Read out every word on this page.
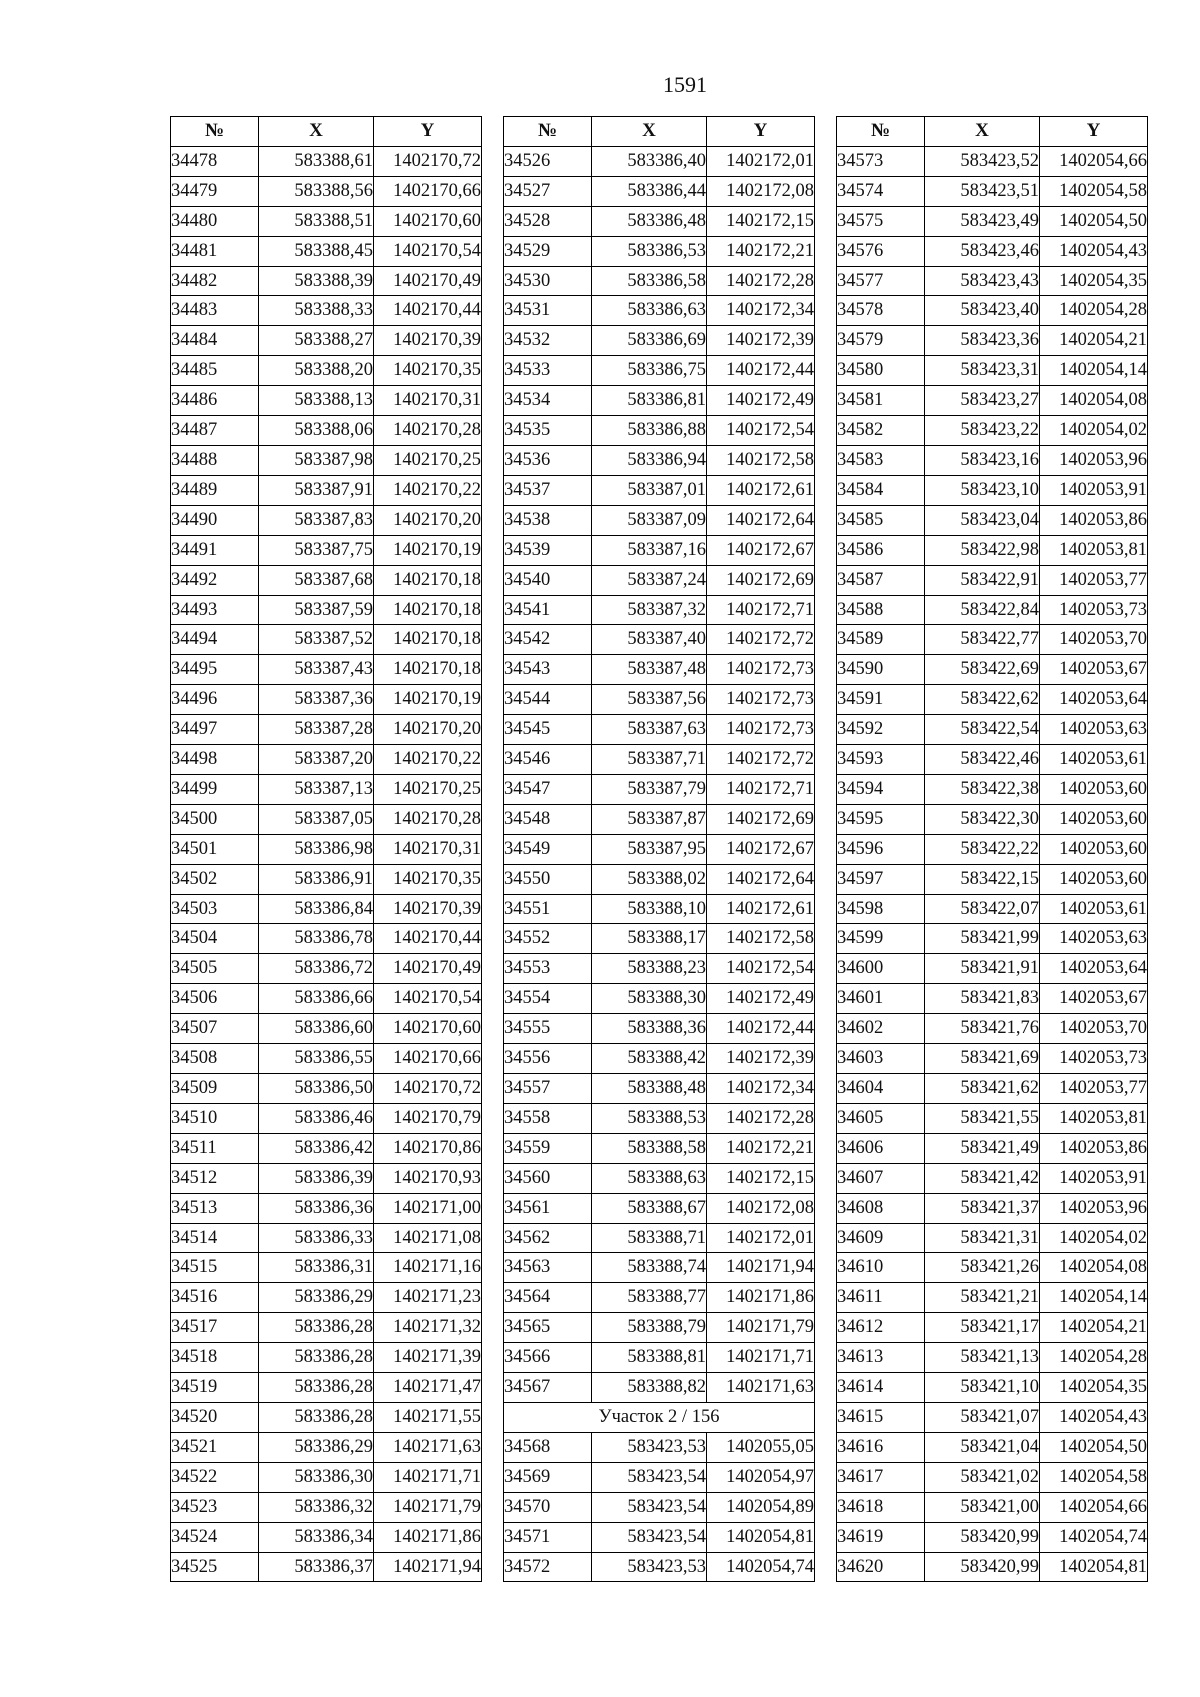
1591
№	X	Y
34478	583388,61	1402170,72
34479	583388,56	1402170,66
34480	583388,51	1402170,60
34481	583388,45	1402170,54
34482	583388,39	1402170,49
34483	583388,33	1402170,44
34484	583388,27	1402170,39
34485	583388,20	1402170,35
34486	583388,13	1402170,31
34487	583388,06	1402170,28
34488	583387,98	1402170,25
34489	583387,91	1402170,22
34490	583387,83	1402170,20
34491	583387,75	1402170,19
34492	583387,68	1402170,18
34493	583387,59	1402170,18
34494	583387,52	1402170,18
34495	583387,43	1402170,18
34496	583387,36	1402170,19
34497	583387,28	1402170,20
34498	583387,20	1402170,22
34499	583387,13	1402170,25
34500	583387,05	1402170,28
34501	583386,98	1402170,31
34502	583386,91	1402170,35
34503	583386,84	1402170,39
34504	583386,78	1402170,44
34505	583386,72	1402170,49
34506	583386,66	1402170,54
34507	583386,60	1402170,60
34508	583386,55	1402170,66
34509	583386,50	1402170,72
34510	583386,46	1402170,79
34511	583386,42	1402170,86
34512	583386,39	1402170,93
34513	583386,36	1402171,00
34514	583386,33	1402171,08
34515	583386,31	1402171,16
34516	583386,29	1402171,23
34517	583386,28	1402171,32
34518	583386,28	1402171,39
34519	583386,28	1402171,47
34520	583386,28	1402171,55
34521	583386,29	1402171,63
34522	583386,30	1402171,71
34523	583386,32	1402171,79
34524	583386,34	1402171,86
34525	583386,37	1402171,94
№	X	Y
34526	583386,40	1402172,01
34527	583386,44	1402172,08
34528	583386,48	1402172,15
34529	583386,53	1402172,21
34530	583386,58	1402172,28
34531	583386,63	1402172,34
34532	583386,69	1402172,39
34533	583386,75	1402172,44
34534	583386,81	1402172,49
34535	583386,88	1402172,54
34536	583386,94	1402172,58
34537	583387,01	1402172,61
34538	583387,09	1402172,64
34539	583387,16	1402172,67
34540	583387,24	1402172,69
34541	583387,32	1402172,71
34542	583387,40	1402172,72
34543	583387,48	1402172,73
34544	583387,56	1402172,73
34545	583387,63	1402172,73
34546	583387,71	1402172,72
34547	583387,79	1402172,71
34548	583387,87	1402172,69
34549	583387,95	1402172,67
34550	583388,02	1402172,64
34551	583388,10	1402172,61
34552	583388,17	1402172,58
34553	583388,23	1402172,54
34554	583388,30	1402172,49
34555	583388,36	1402172,44
34556	583388,42	1402172,39
34557	583388,48	1402172,34
34558	583388,53	1402172,28
34559	583388,58	1402172,21
34560	583388,63	1402172,15
34561	583388,67	1402172,08
34562	583388,71	1402172,01
34563	583388,74	1402171,94
34564	583388,77	1402171,86
34565	583388,79	1402171,79
34566	583388,81	1402171,71
34567	583388,82	1402171,63
Участок 2 / 156		
34568	583423,53	1402055,05
34569	583423,54	1402054,97
34570	583423,54	1402054,89
34571	583423,54	1402054,81
34572	583423,53	1402054,74
№	X	Y
34573	583423,52	1402054,66
34574	583423,51	1402054,58
34575	583423,49	1402054,50
34576	583423,46	1402054,43
34577	583423,43	1402054,35
34578	583423,40	1402054,28
34579	583423,36	1402054,21
34580	583423,31	1402054,14
34581	583423,27	1402054,08
34582	583423,22	1402054,02
34583	583423,16	1402053,96
34584	583423,10	1402053,91
34585	583423,04	1402053,86
34586	583422,98	1402053,81
34587	583422,91	1402053,77
34588	583422,84	1402053,73
34589	583422,77	1402053,70
34590	583422,69	1402053,67
34591	583422,62	1402053,64
34592	583422,54	1402053,63
34593	583422,46	1402053,61
34594	583422,38	1402053,60
34595	583422,30	1402053,60
34596	583422,22	1402053,60
34597	583422,15	1402053,60
34598	583422,07	1402053,61
34599	583421,99	1402053,63
34600	583421,91	1402053,64
34601	583421,83	1402053,67
34602	583421,76	1402053,70
34603	583421,69	1402053,73
34604	583421,62	1402053,77
34605	583421,55	1402053,81
34606	583421,49	1402053,86
34607	583421,42	1402053,91
34608	583421,37	1402053,96
34609	583421,31	1402054,02
34610	583421,26	1402054,08
34611	583421,21	1402054,14
34612	583421,17	1402054,21
34613	583421,13	1402054,28
34614	583421,10	1402054,35
34615	583421,07	1402054,43
34616	583421,04	1402054,50
34617	583421,02	1402054,58
34618	583421,00	1402054,66
34619	583420,99	1402054,74
34620	583420,99	1402054,81
